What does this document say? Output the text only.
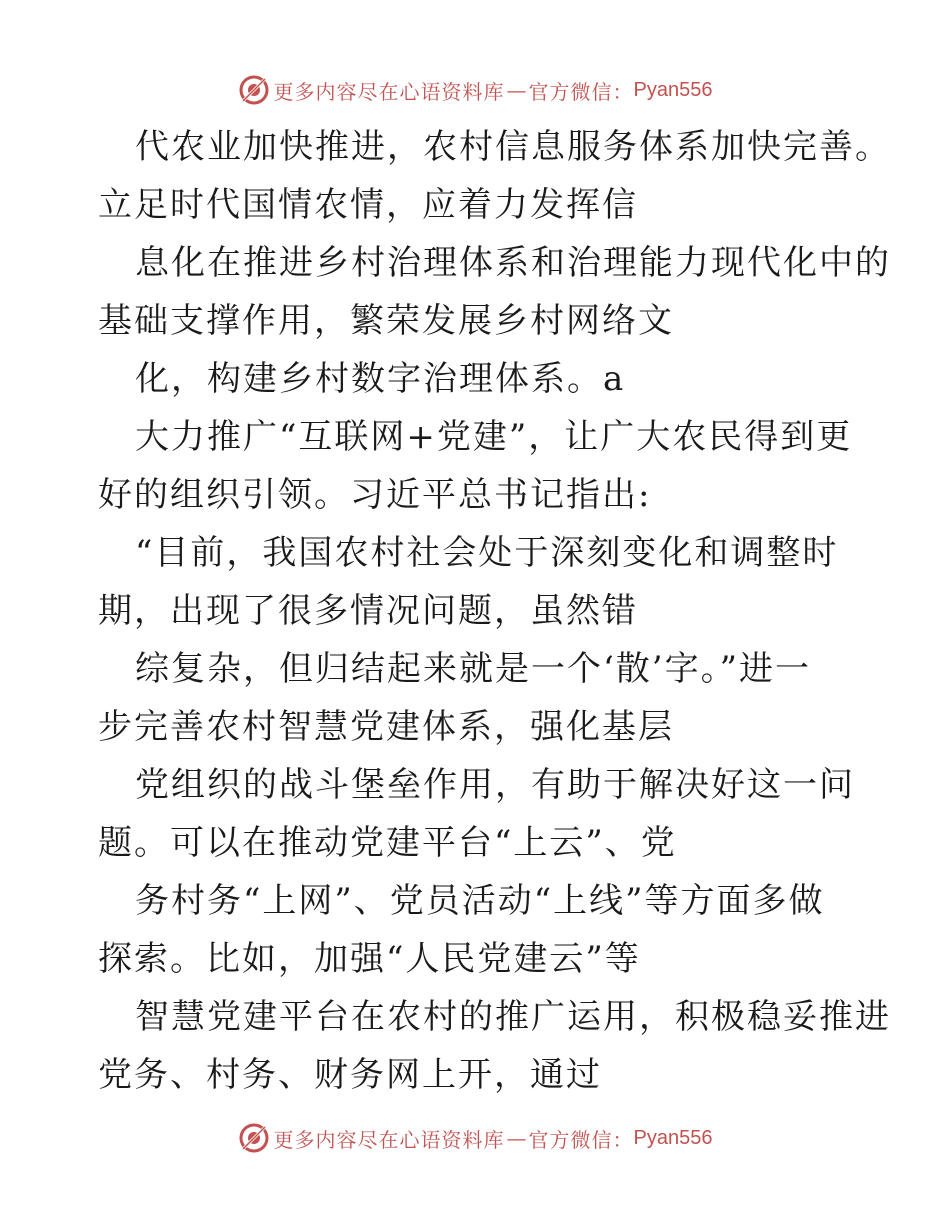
更多内容尽在心语资料库 — 官方微信： Pyan556
代农业加快推进，农村信息服务体系加快完善。
立足时代国情农情，应着力发挥信
息化在推进乡村治理体系和治理能力现代化中的
基础支撑作用，繁荣发展乡村网络文
化，构建乡村数字治理体系。a
大力推广“互联网+党建”，让广大农民得到更
好的组织引领。习近平总书记指出:
“目前，我国农村社会处于深刻变化和调整时
期，出现了很多情况问题，虽然错
综复杂，但归结起来就是一个‘散’字。”进一
步完善农村智慧党建体系，强化基层
党组织的战斗堡垒作用，有助于解决好这一问
题。可以在推动党建平台“上云”、党
务村务“上网”、党员活动“上线”等方面多做
探索。比如，加强“人民党建云”等
智慧党建平台在农村的推广运用，积极稳妥推进
党务、村务、财务网上开，通过
更多内容尽在心语资料库 — 官方微信： Pyan556
